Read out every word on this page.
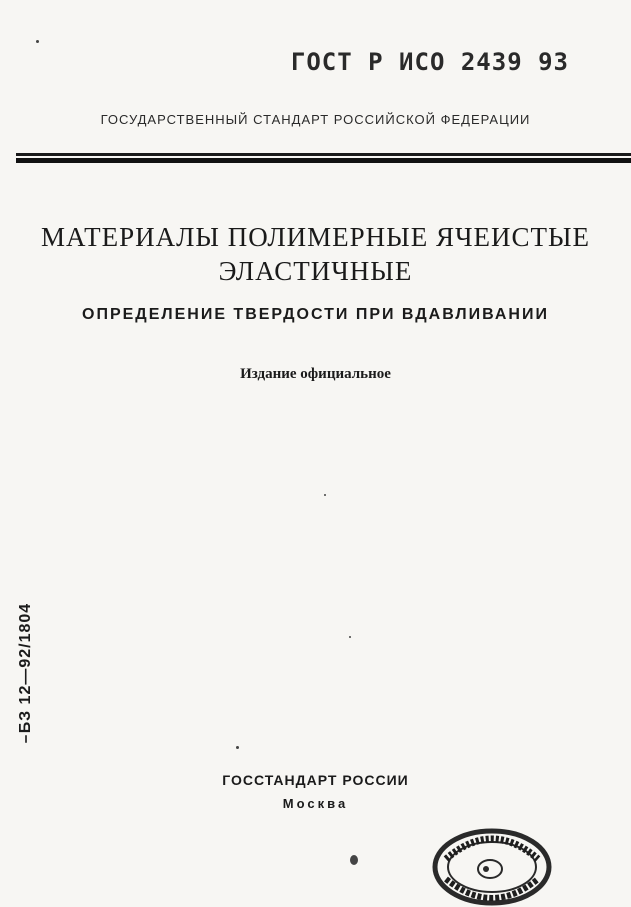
ГОСТ Р ИСО 2439 93
ГОСУДАРСТВЕННЫЙ СТАНДАРТ РОССИЙСКОЙ ФЕДЕРАЦИИ
МАТЕРИАЛЫ ПОЛИМЕРНЫЕ ЯЧЕИСТЫЕ
ЭЛАСТИЧНЫЕ
ОПРЕДЕЛЕНИЕ ТВЕРДОСТИ ПРИ ВДАВЛИВАНИИ
Издание официальное
БЗ 12—92/1804
ГОССТАНДАРТ РОССИИ
Москва
